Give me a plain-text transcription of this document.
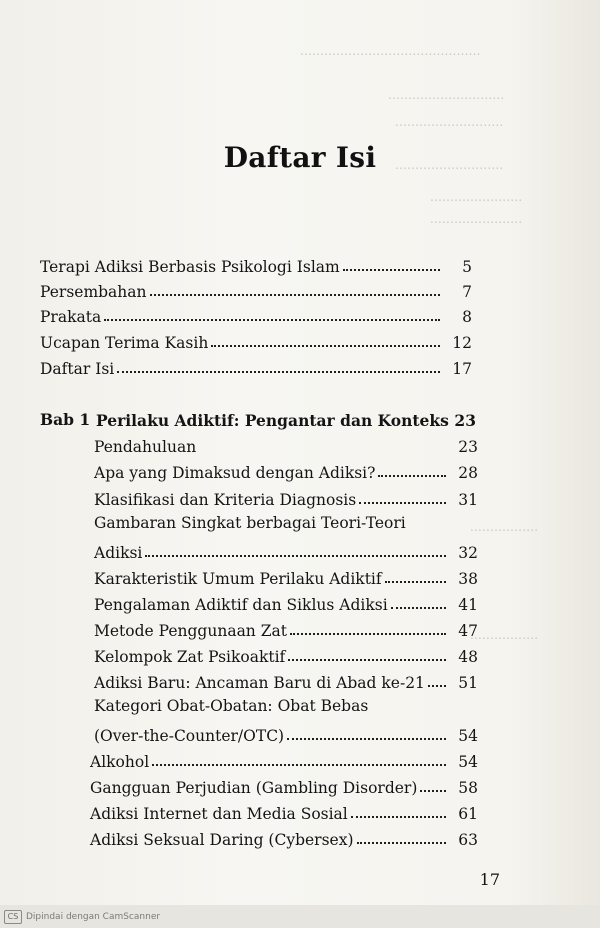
.............................................
.............................
...........................
...........................
.......................
.......................
.................
.................
Daftar Isi
Terapi Adiksi Berbasis Psikologi Islam	5
Persembahan	7
Prakata	8
Ucapan Terima Kasih	12
Daftar Isi	17
Bab 1 Perilaku Adiktif: Pengantar dan Konteks 23
Pendahuluan	23
Apa yang Dimaksud dengan Adiksi?	28
Klasifikasi dan Kriteria Diagnosis	31
Gambaran Singkat berbagai Teori-Teori
Adiksi	32
Karakteristik Umum Perilaku Adiktif	38
Pengalaman Adiktif dan Siklus Adiksi	41
Metode Penggunaan Zat	47
Kelompok Zat Psikoaktif	48
Adiksi Baru: Ancaman Baru di Abad ke-21	51
Kategori Obat-Obatan: Obat Bebas
(Over-the-Counter/OTC)	54
Alkohol	54
Gangguan Perjudian (Gambling Disorder)	58
Adiksi Internet dan Media Sosial	61
Adiksi Seksual Daring (Cybersex)	63
17
CS Dipindai dengan CamScanner
